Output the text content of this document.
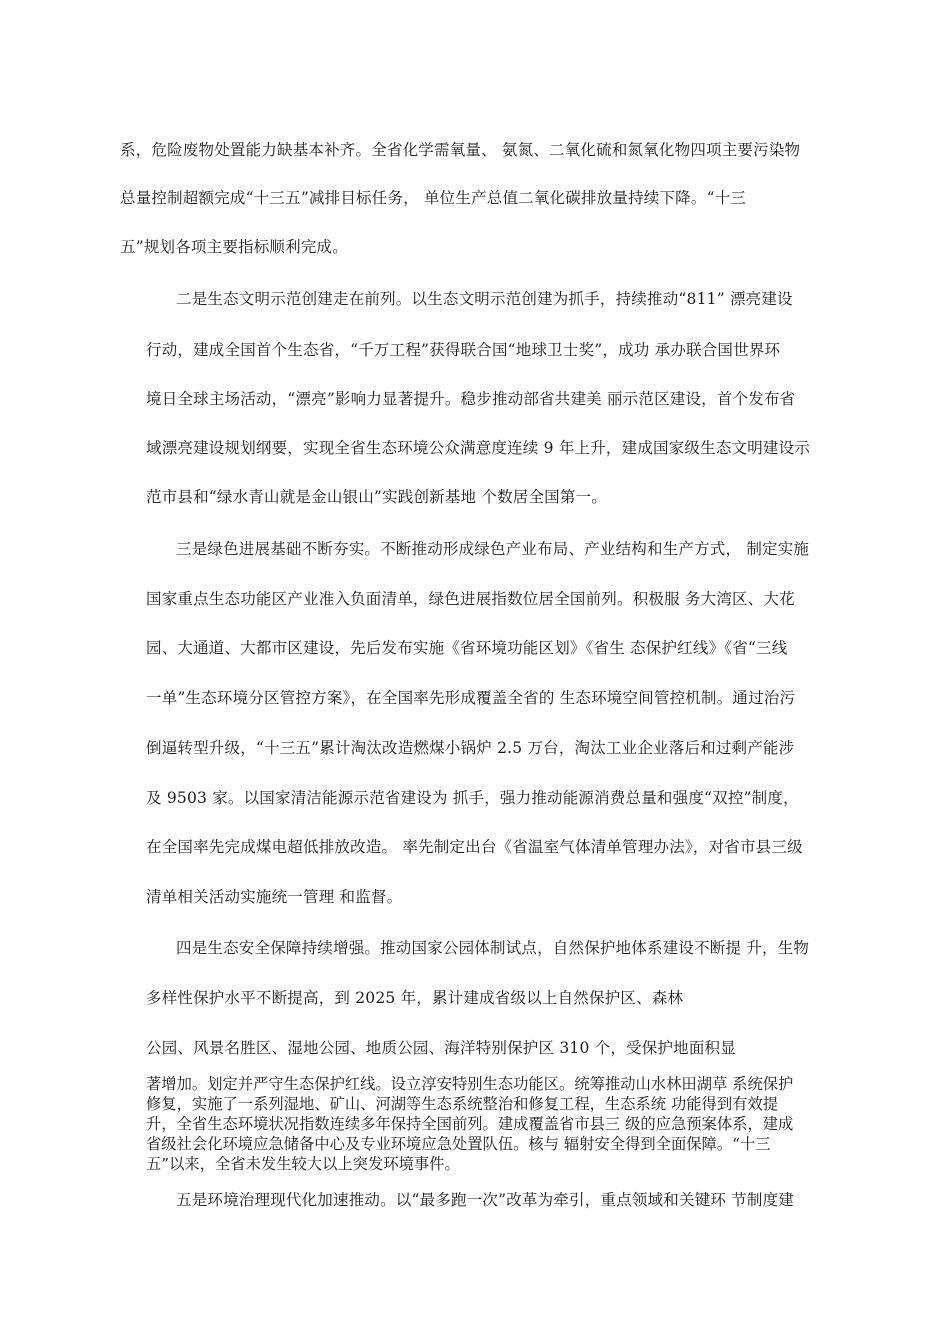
系，危险废物处置能力缺基本补齐。全省化学需氧量、 氨氮、二氧化硫和氮氧化物四项主要污染物
总量控制超额完成“十三五”减排目标任务， 单位生产总值二氧化碳排放量持续下降。“十三
五”规划各项主要指标顺利完成。
二是生态文明示范创建走在前列。以生态文明示范创建为抓手，持续推动“811” 漂亮建设
行动，建成全国首个生态省，“千万工程”获得联合国“地球卫士奖”，成功 承办联合国世界环
境日全球主场活动，“漂亮”影响力显著提升。稳步推动部省共建美 丽示范区建设，首个发布省
域漂亮建设规划纲要，实现全省生态环境公众满意度连续 9 年上升，建成国家级生态文明建设示
范市县和“绿水青山就是金山银山”实践创新基地 个数居全国第一。
三是绿色进展基础不断夯实。不断推动形成绿色产业布局、产业结构和生产方式， 制定实施
国家重点生态功能区产业准入负面清单，绿色进展指数位居全国前列。积极服 务大湾区、大花
园、大通道、大都市区建设，先后发布实施《省环境功能区划》《省生 态保护红线》《省“三线
一单”生态环境分区管控方案》，在全国率先形成覆盖全省的 生态环境空间管控机制。通过治污
倒逼转型升级，“十三五”累计淘汰改造燃煤小锅炉 2.5 万台，淘汰工业企业落后和过剩产能涉
及 9503 家。以国家清洁能源示范省建设为 抓手，强力推动能源消费总量和强度“双控”制度，
在全国率先完成煤电超低排放改造。 率先制定出台《省温室气体清单管理办法》，对省市县三级
清单相关活动实施统一管理 和监督。
四是生态安全保障持续增强。推动国家公园体制试点，自然保护地体系建设不断提 升，生物
多样性保护水平不断提高，到 2025 年，累计建成省级以上自然保护区、森林
公园、风景名胜区、湿地公园、地质公园、海洋特别保护区 310 个，受保护地面积显
著增加。划定并严守生态保护红线。设立淳安特别生态功能区。统筹推动山水林田湖草 系统保护
修复，实施了一系列湿地、矿山、河湖等生态系统整治和修复工程，生态系统 功能得到有效提
升，全省生态环境状况指数连续多年保持全国前列。建成覆盖省市县三 级的应急预案体系，建成
省级社会化环境应急储备中心及专业环境应急处置队伍。核与 辐射安全得到全面保障。“十三
五”以来，全省未发生较大以上突发环境事件。
五是环境治理现代化加速推动。以“最多跑一次”改革为牵引，重点领域和关键环 节制度建
